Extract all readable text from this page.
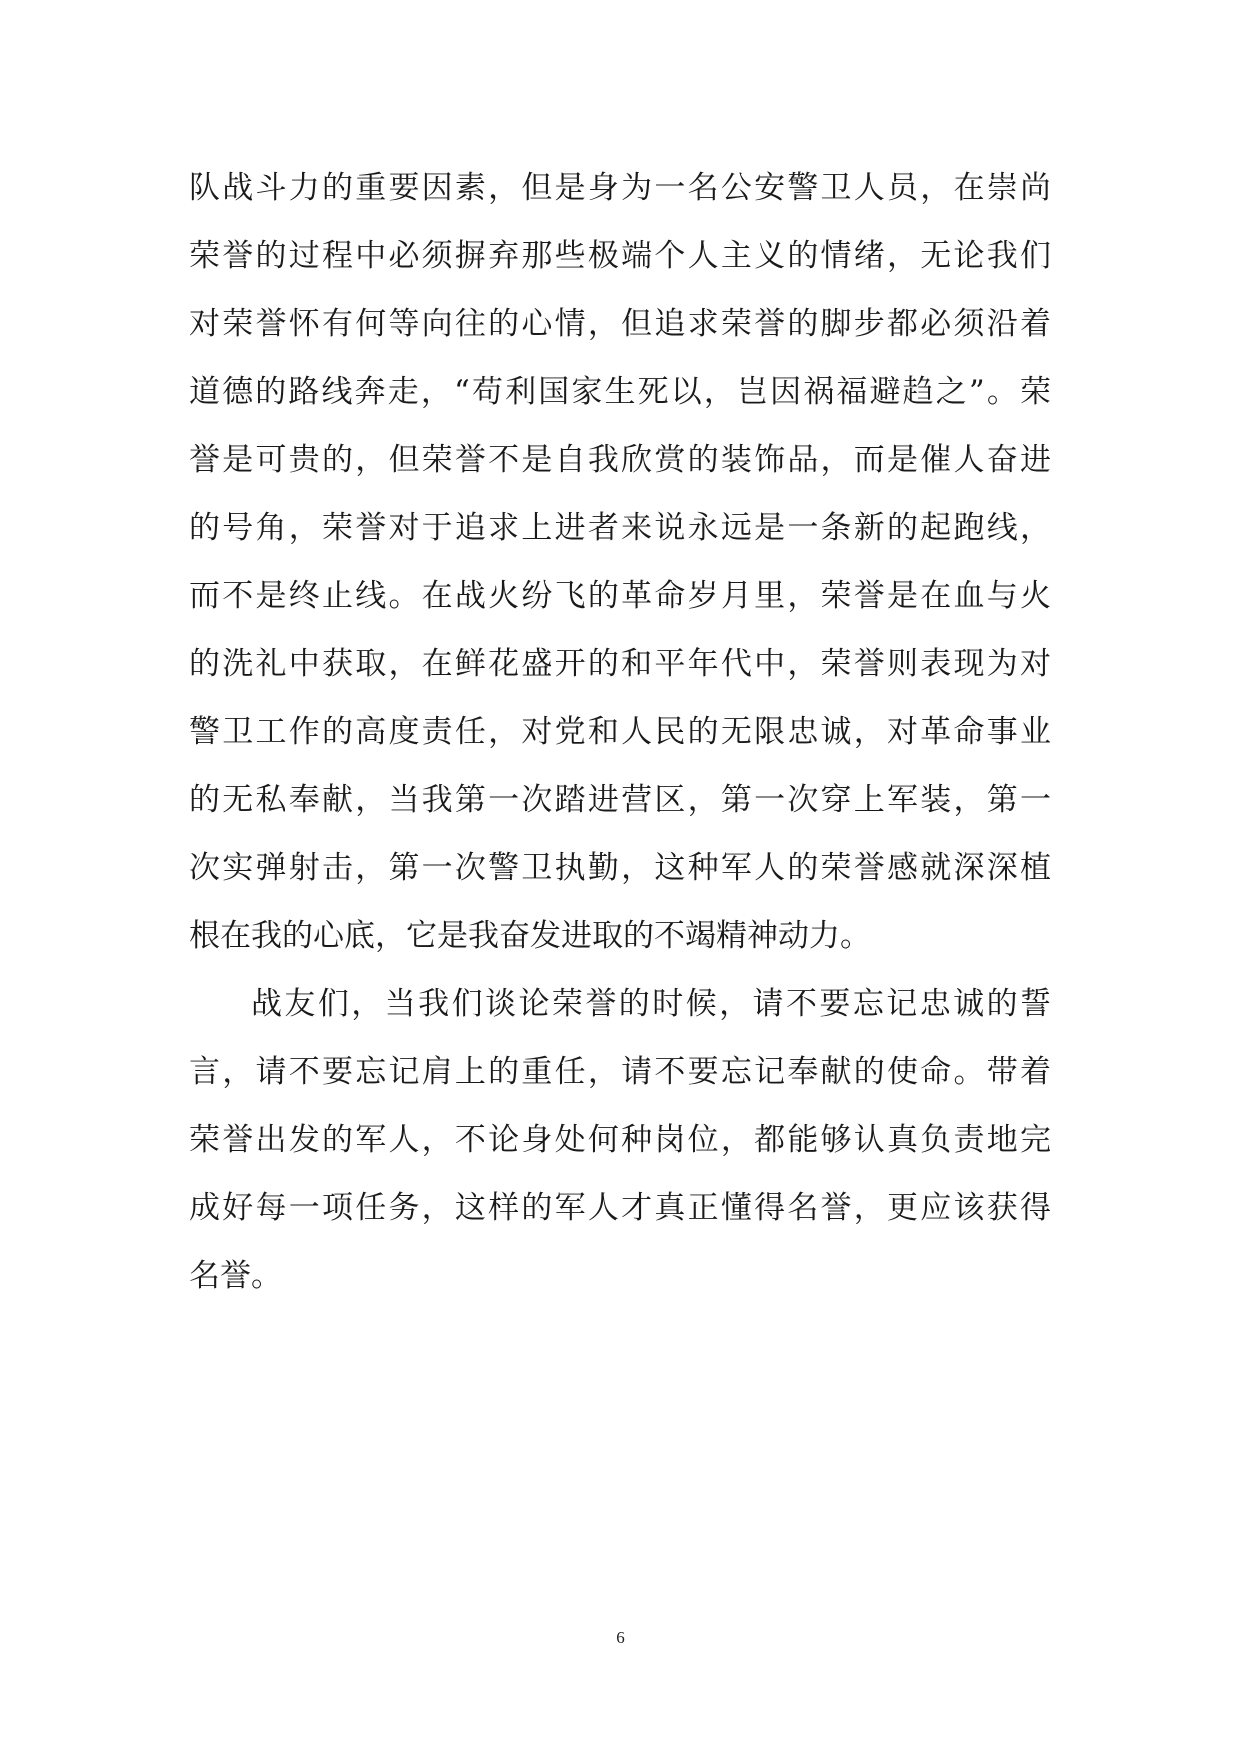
队战斗力的重要因素，但是身为一名公安警卫人员，在崇尚
荣誉的过程中必须摒弃那些极端个人主义的情绪，无论我们
对荣誉怀有何等向往的心情，但追求荣誉的脚步都必须沿着
道德的路线奔走，“苟利国家生死以，岂因祸福避趋之”。荣
誉是可贵的，但荣誉不是自我欣赏的装饰品，而是催人奋进
的号角，荣誉对于追求上进者来说永远是一条新的起跑线，
而不是终止线。在战火纷飞的革命岁月里，荣誉是在血与火
的洗礼中获取，在鲜花盛开的和平年代中，荣誉则表现为对
警卫工作的高度责任，对党和人民的无限忠诚，对革命事业
的无私奉献，当我第一次踏进营区，第一次穿上军装，第一
次实弹射击，第一次警卫执勤，这种军人的荣誉感就深深植
根在我的心底，它是我奋发进取的不竭精神动力。
战友们，当我们谈论荣誉的时候，请不要忘记忠诚的誓
言，请不要忘记肩上的重任，请不要忘记奉献的使命。带着
荣誉出发的军人，不论身处何种岗位，都能够认真负责地完
成好每一项任务，这样的军人才真正懂得名誉，更应该获得
名誉。
6
